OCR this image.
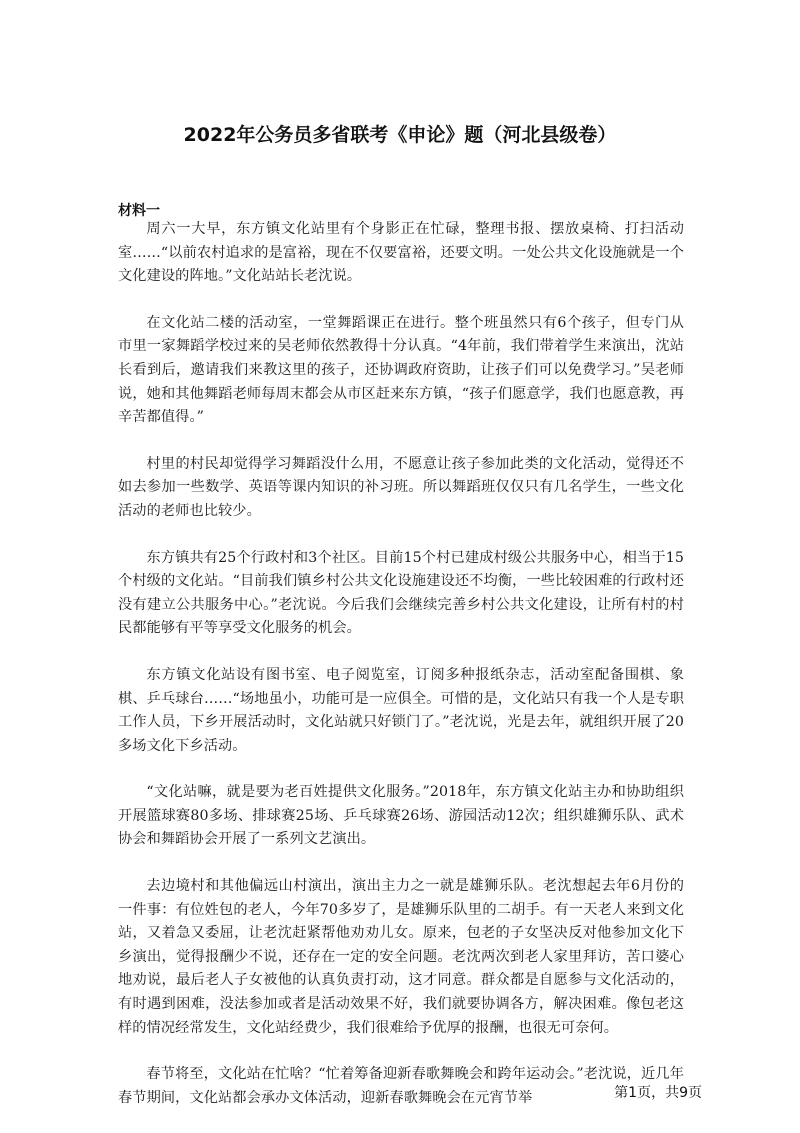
2022年公务员多省联考《申论》题（河北县级卷）
材料一

周六一大早，东方镇文化站里有个身影正在忙碌，整理书报、摆放桌椅、打扫活动室……“以前农村追求的是富裕，现在不仅要富裕，还要文明。一处公共文化设施就是一个文化建设的阵地。”文化站站长老沈说。

在文化站二楼的活动室，一堂舞蹈课正在进行。整个班虽然只有6个孩子，但专门从市里一家舞蹈学校过来的吴老师依然教得十分认真。“4年前，我们带着学生来演出，沈站长看到后，邀请我们来教这里的孩子，还协调政府资助，让孩子们可以免费学习。”吴老师说，她和其他舞蹈老师每周末都会从市区赶来东方镇，“孩子们愿意学，我们也愿意教，再辛苦都值得。”

村里的村民却觉得学习舞蹈没什么用，不愿意让孩子参加此类的文化活动，觉得还不如去参加一些数学、英语等课内知识的补习班。所以舞蹈班仅仅只有几名学生，一些文化活动的老师也比较少。

东方镇共有25个行政村和3个社区。目前15个村已建成村级公共服务中心，相当于15个村级的文化站。“目前我们镇乡村公共文化设施建设还不均衡，一些比较困难的行政村还没有建立公共服务中心。”老沈说。今后我们会继续完善乡村公共文化建设，让所有村的村民都能够有平等享受文化服务的机会。

东方镇文化站设有图书室、电子阅览室，订阅多种报纸杂志，活动室配备围棋、象棋、乒乓球台……“场地虽小，功能可是一应俱全。可惜的是，文化站只有我一个人是专职工作人员，下乡开展活动时，文化站就只好锁门了。”老沈说，光是去年，就组织开展了20多场文化下乡活动。

“文化站嘛，就是要为老百姓提供文化服务。”2018年，东方镇文化站主办和协助组织开展篮球赛80多场、排球赛25场、乒乓球赛26场、游园活动12次；组织雄狮乐队、武术协会和舞蹈协会开展了一系列文艺演出。

去边境村和其他偏远山村演出，演出主力之一就是雄狮乐队。老沈想起去年6月份的一件事：有位姓包的老人，今年70多岁了，是雄狮乐队里的二胡手。有一天老人来到文化站，又着急又委屈，让老沈赶紧帮他劝劝儿女。原来，包老的子女坚决反对他参加文化下乡演出，觉得报酬少不说，还存在一定的安全问题。老沈两次到老人家里拜访，苦口婆心地劝说，最后老人子女被他的认真负责打动，这才同意。群众都是自愿参与文化活动的，有时遇到困难，没法参加或者是活动效果不好，我们就要协调各方，解决困难。像包老这样的情况经常发生，文化站经费少，我们很难给予优厚的报酬，也很无可奈何。

春节将至，文化站在忙啥？“忙着筹备迎新春歌舞晚会和跨年运动会。”老沈说，近几年春节期间，文化站都会承办文体活动，迎新春歌舞晚会在元宵节举	第1页，共9页
